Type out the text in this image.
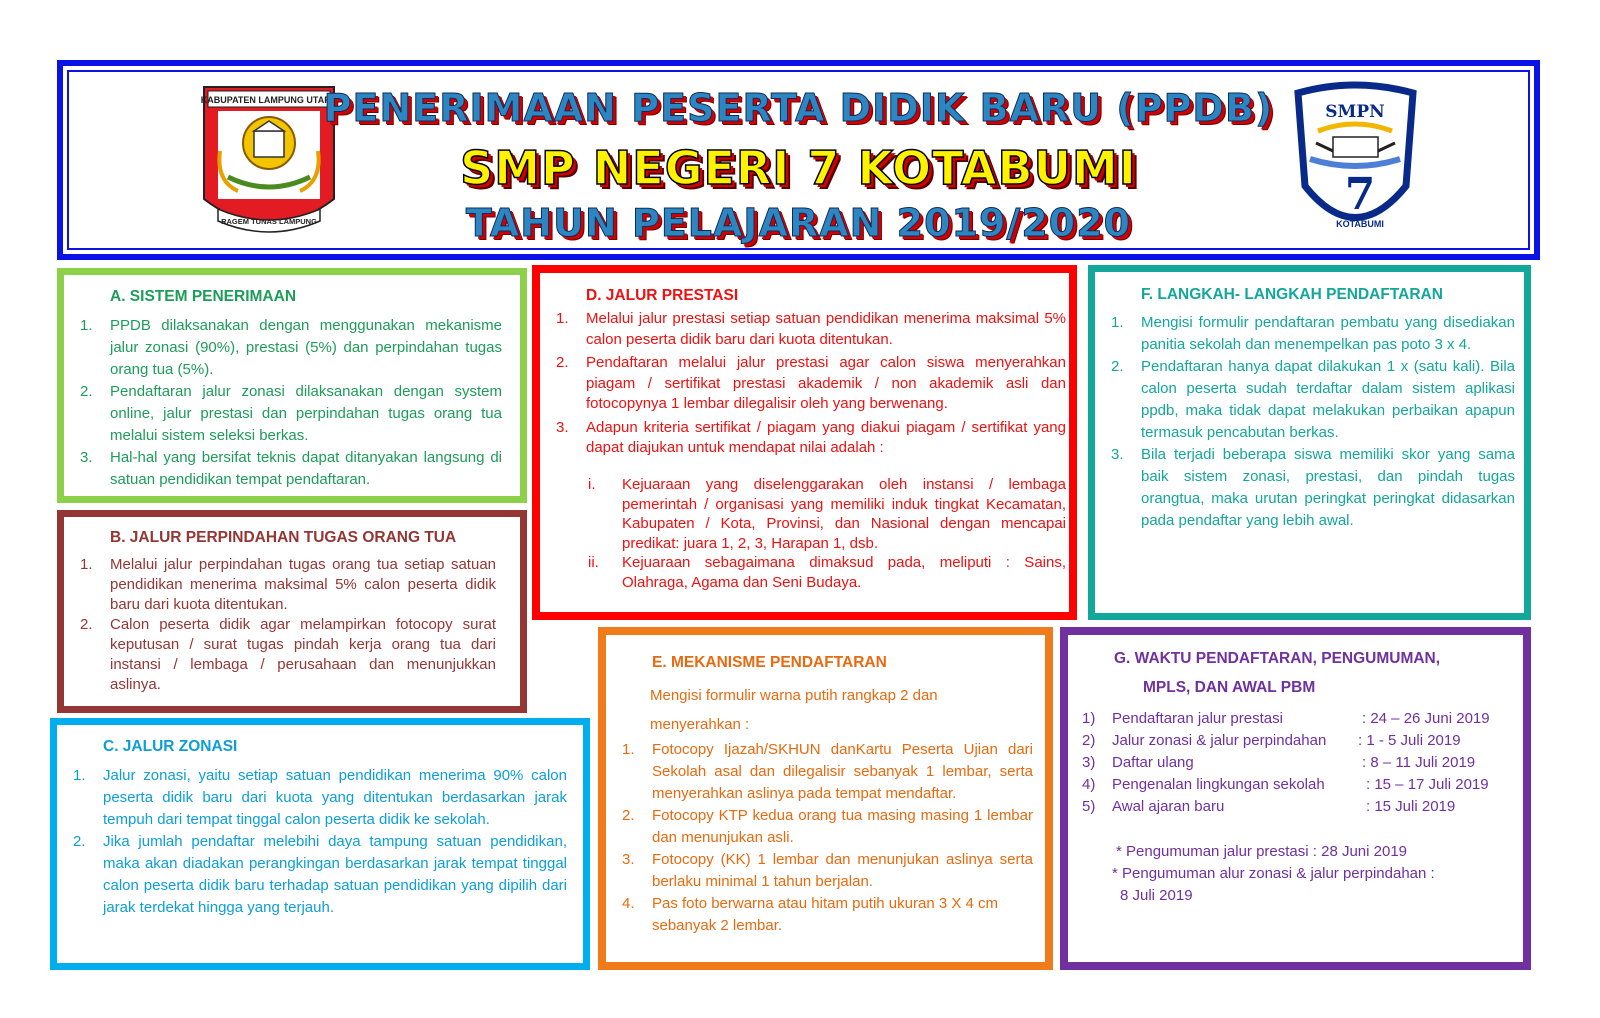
KABUPATEN LAMPUNG UTARA
RAGEM TUNAS LAMPUNG
PENERIMAAN PESERTA DIDIK BARU (PPDB)
SMP NEGERI 7 KOTABUMI
TAHUN PELAJARAN 2019/2020
SMPN
7
KOTABUMI
A. SISTEM PENERIMAAN
1. PPDB dilaksanakan dengan menggunakan mekanisme jalur zonasi (90%), prestasi (5%) dan perpindahan tugas orang tua (5%).
2. Pendaftaran jalur zonasi dilaksanakan dengan system online, jalur prestasi dan perpindahan tugas orang tua melalui sistem seleksi berkas.
3. Hal-hal yang bersifat teknis dapat ditanyakan langsung di satuan pendidikan tempat pendaftaran.
B. JALUR PERPINDAHAN TUGAS ORANG TUA
1. Melalui jalur perpindahan tugas orang tua setiap satuan pendidikan menerima maksimal 5% calon peserta didik baru dari kuota ditentukan.
2. Calon peserta didik agar melampirkan fotocopy surat keputusan / surat tugas pindah kerja orang tua dari instansi / lembaga / perusahaan dan menunjukkan aslinya.
C. JALUR ZONASI
1. Jalur zonasi, yaitu setiap satuan pendidikan menerima 90% calon peserta didik baru dari kuota yang ditentukan berdasarkan jarak tempuh dari tempat tinggal calon peserta didik ke sekolah.
2. Jika jumlah pendaftar melebihi daya tampung satuan pendidikan, maka akan diadakan perangkingan berdasarkan jarak tempat tinggal calon peserta didik baru terhadap satuan pendidikan yang dipilih dari jarak terdekat hingga yang terjauh.
D. JALUR PRESTASI
1. Melalui jalur prestasi setiap satuan pendidikan menerima maksimal 5% calon peserta didik baru dari kuota ditentukan.
2. Pendaftaran melalui jalur prestasi agar calon siswa menyerahkan piagam / sertifikat prestasi akademik / non akademik asli dan fotocopynya 1 lembar dilegalisir oleh yang berwenang.
3. Adapun kriteria sertifikat / piagam yang diakui piagam / sertifikat yang dapat diajukan untuk mendapat nilai adalah :
i. Kejuaraan yang diselenggarakan oleh instansi / lembaga pemerintah / organisasi yang memiliki induk tingkat Kecamatan, Kabupaten / Kota, Provinsi, dan Nasional dengan mencapai predikat: juara 1, 2, 3, Harapan 1, dsb.
ii. Kejuaraan sebagaimana dimaksud pada, meliputi : Sains, Olahraga, Agama dan Seni Budaya.
E. MEKANISME PENDAFTARAN
Mengisi formulir warna putih rangkap 2 dan menyerahkan :
1. Fotocopy Ijazah/SKHUN danKartu Peserta Ujian dari Sekolah asal dan dilegalisir sebanyak 1 lembar, serta menyerahkan aslinya pada tempat mendaftar.
2. Fotocopy KTP kedua orang tua masing masing 1 lembar dan menunjukan asli.
3. Fotocopy (KK) 1 lembar dan menunjukan aslinya serta berlaku minimal 1 tahun berjalan.
4. Pas foto berwarna atau hitam putih ukuran 3 X 4 cm sebanyak 2 lembar.
F. LANGKAH- LANGKAH PENDAFTARAN
1. Mengisi formulir pendaftaran pembatu yang disediakan panitia sekolah dan menempelkan pas poto 3 x 4.
2. Pendaftaran hanya dapat dilakukan 1 x (satu kali). Bila calon peserta sudah terdaftar dalam sistem aplikasi ppdb, maka tidak dapat melakukan perbaikan apapun termasuk pencabutan berkas.
3. Bila terjadi beberapa siswa memiliki skor yang sama baik sistem zonasi, prestasi, dan pindah tugas orangtua, maka urutan peringkat peringkat didasarkan pada pendaftar yang lebih awal.
G. WAKTU PENDAFTARAN, PENGUMUMAN,
MPLS, DAN AWAL PBM
1) Pendaftaran jalur prestasi	: 24 – 26 Juni 2019
2) Jalur zonasi & jalur perpindahan : 1 - 5 Juli 2019
3) Daftar ulang	: 8 – 11 Juli 2019
4) Pengenalan lingkungan sekolah	: 15 – 17 Juli 2019
5) Awal ajaran baru	: 15 Juli 2019
* Pengumuman jalur prestasi : 28 Juni 2019
* Pengumuman alur zonasi & jalur perpindahan :
8 Juli 2019
